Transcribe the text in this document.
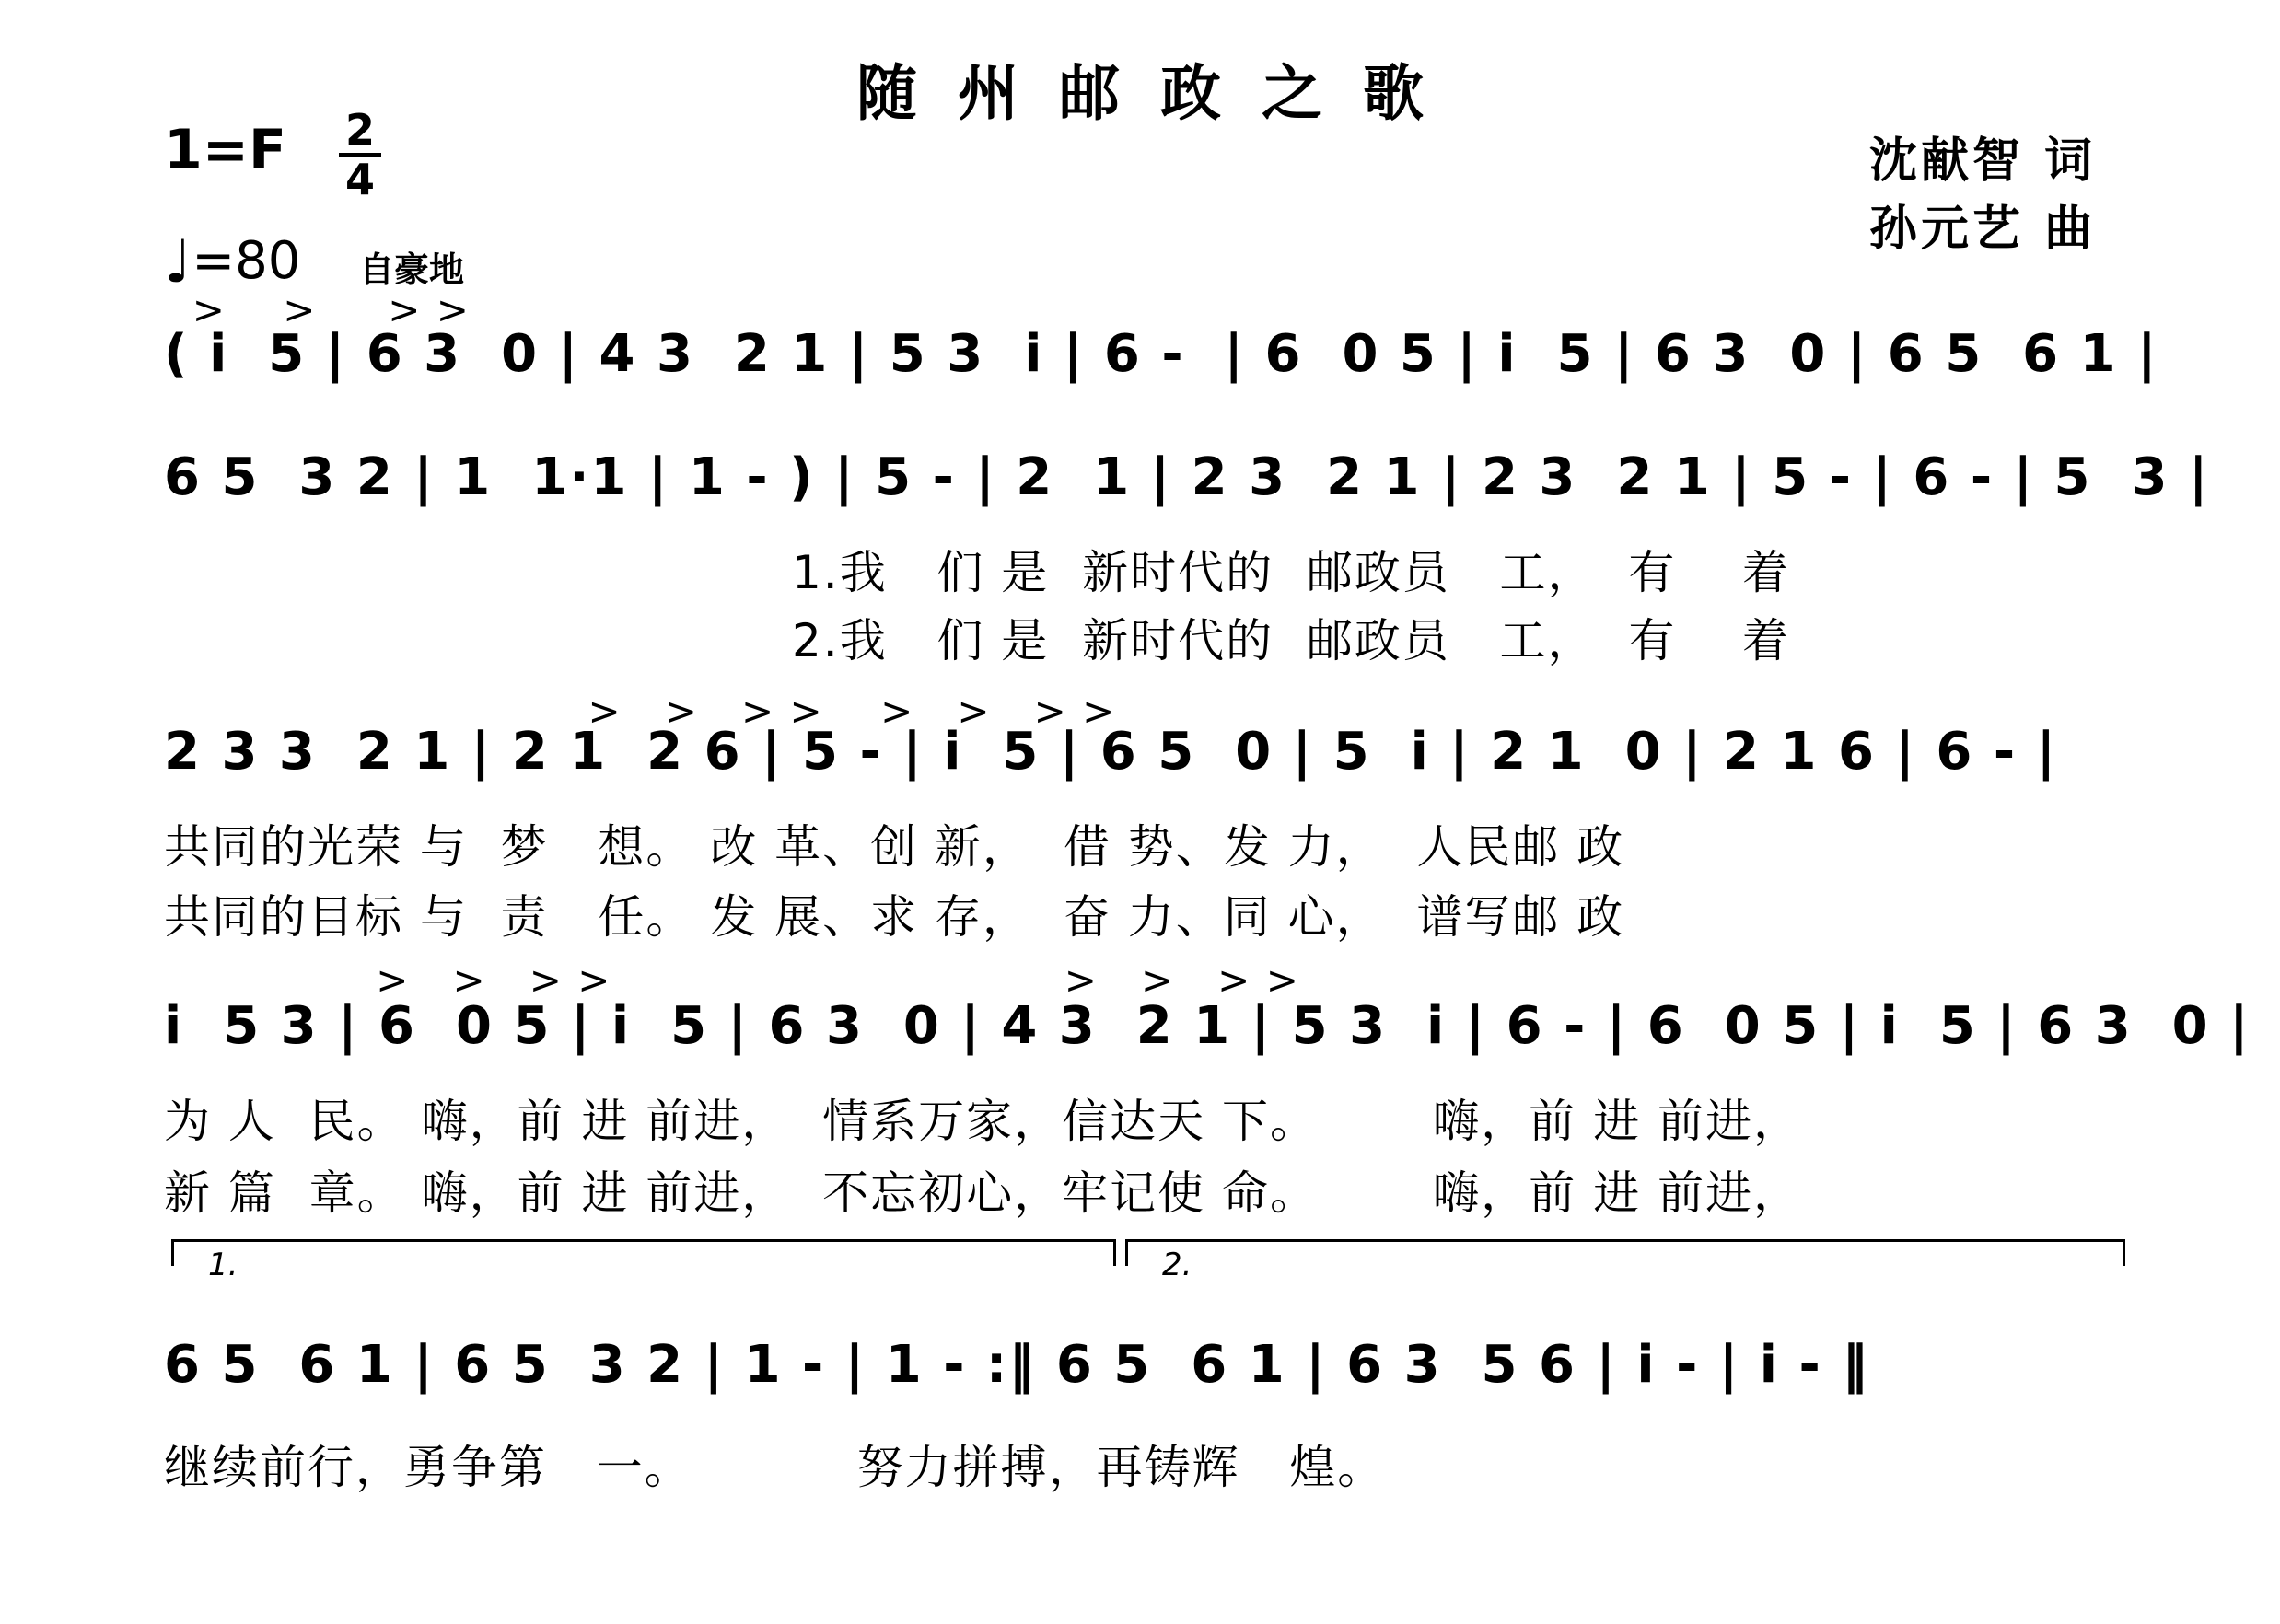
随州邮政之歌
1=F 2
4
♩=80 自豪地
沈献智 词
孙元艺 曲
>    >     > >
( i  5 | 6 3  0 | 4 3  2 1 | 5 3  i | 6 -  | 6  0 5 | i  5 | 6 3  0 | 6 5  6 1 |
6 5  3 2 | 1  1·1 | 1 - ) | 5 - | 2  1 | 2 3  2 1 | 2 3  2 1 | 5 - | 6 - | 5  3 |
1.我   们 是  新时代的  邮政员   工，  有    着
2.我   们 是  新时代的  邮政员   工，  有    着
>   >   > >    >   >   > >
2 3 3  2 1 | 2 1  2 6 | 5 - | i  5 | 6 5  0 | 5  i | 2 1  0 | 2 1 6 | 6 - |
共同的光荣 与  梦   想。 改 革、创 新，  借 势、发 力，  人民邮 政
共同的目标 与  责   任。 发 展、求 存，  奋 力、同 心，  谱写邮 政
>   >   > >                                >   >   > >
i  5 3 | 6  0 5 | i  5 | 6 3  0 | 4 3  2 1 | 5 3  i | 6 - | 6  0 5 | i  5 | 6 3  0 |
为 人  民。 嗨，前 进 前进，  情系万家，信达天 下。       嗨，前 进 前进，
新 篇  章。 嗨，前 进 前进，  不忘初心，牢记使 命。       嗨，前 进 前进，
1.	2.
6 5  6 1 | 6 5  3 2 | 1 - | 1 - :‖ 6 5  6 1 | 6 3  5 6 | i - | i - ‖
继续前行，勇争第   一。          努力拼搏，再铸辉   煌。
